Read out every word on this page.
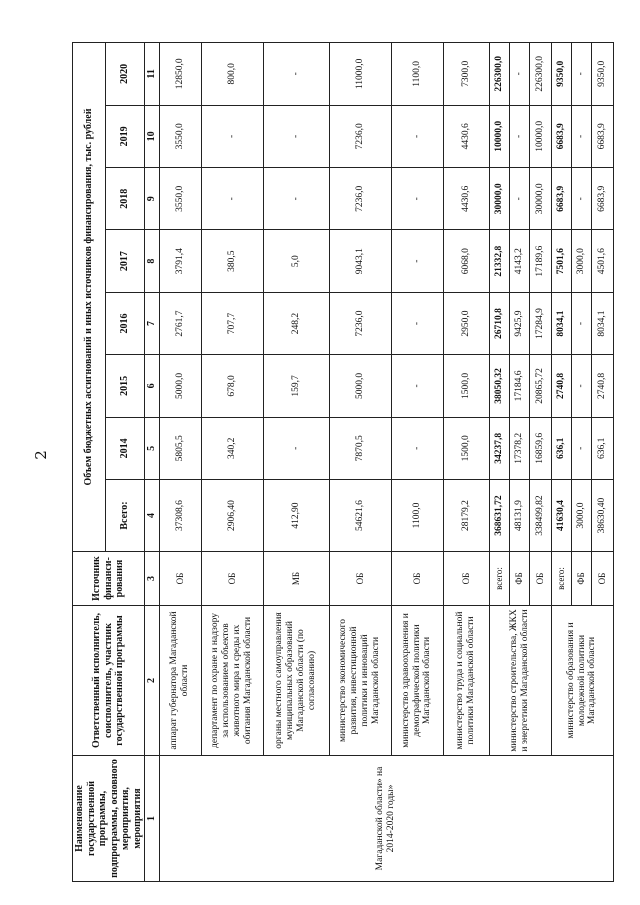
2
Наименование государственной программы, подпрограммы, основного мероприятия, мероприятия	Ответственный исполнитель, соисполнитель, участник государственной программы	Источник финанси-рования	Объем бюджетных ассигнований и иных источников финансирования, тыс. рублей							
			Всего:	2014	2015	2016	2017	2018	2019	2020
1	2	3	4	5	6	7	8	9	10	11
Магаданской области» на 2014-2020 годы»	аппарат губернатора Магаданской области	ОБ	37308,6	5805,5	5000,0	2761,7	3791,4	3550,0	3550,0	12850,0
	департамент по охране и надзору за использованием объектов животного мира и среды их обитания Магаданской области	ОБ	2906,40	340,2	678,0	707,7	380,5	-	-	800,0
	органы местного самоуправления муниципальных образований Магаданской области (по согласованию)	МБ	412,90	-	159,7	248,2	5,0	-	-	-
	министерство экономического развития, инвестиционной политики и инноваций Магаданской области	ОБ	54621,6	7870,5	5000,0	7236,0	9043,1	7236,0	7236,0	11000,0
	министерство здравоохранения и демографической политики Магаданской области	ОБ	1100,0	-	-	-	-	-	-	1100,0
	министерство труда и социальной политики Магаданской области	ОБ	28179,2	1500,0	1500,0	2950,0	6068,0	4430,6	4430,6	7300,0
	министерство строительства, ЖКХ и энергетики Магаданской области	всего:	368631,72	34237,8	38050,32	26710,8	21332,8	30000,0	10000,0	226300,0
		ФБ	48131,9	17378,2	17184,6	9425,9	4143,2	-	-	-
		ОБ	338499,82	16859,6	20865,72	17284,9	17189,6	30000,0	10000,0	226300,0
	министерство образования и молодежной политики Магаданской области	всего:	41630,4	636,1	2740,8	8034,1	7501,6	6683,9	6683,9	9350,0
		ФБ	3000,0	-	-	-	3000,0	-	-	-
		ОБ	38630,40	636,1	2740,8	8034,1	4501,6	6683,9	6683,9	9350,0
